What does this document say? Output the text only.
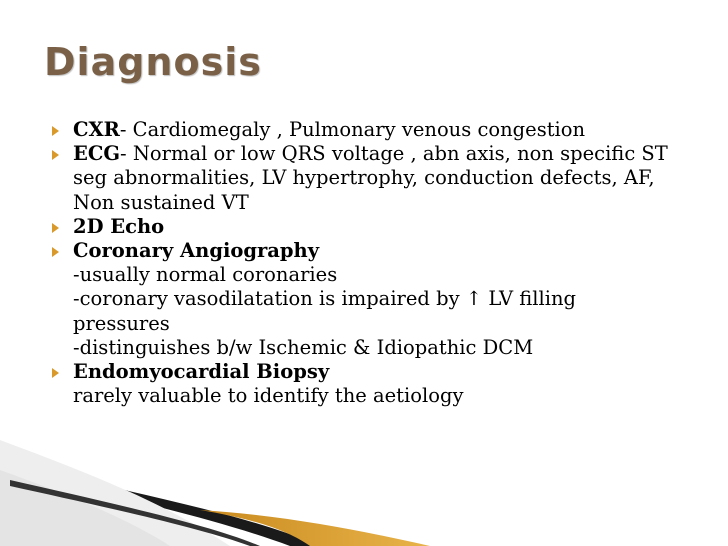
Diagnosis
CXR- Cardiomegaly , Pulmonary venous congestion
ECG- Normal or low QRS voltage , abn axis, non specific ST seg abnormalities, LV hypertrophy, conduction defects, AF, Non sustained VT
2D Echo
Coronary Angiography
-usually normal coronaries
-coronary vasodilatation is impaired by ↑ LV filling pressures
-distinguishes b/w Ischemic & Idiopathic DCM
Endomyocardial Biopsy
rarely valuable to identify the aetiology
